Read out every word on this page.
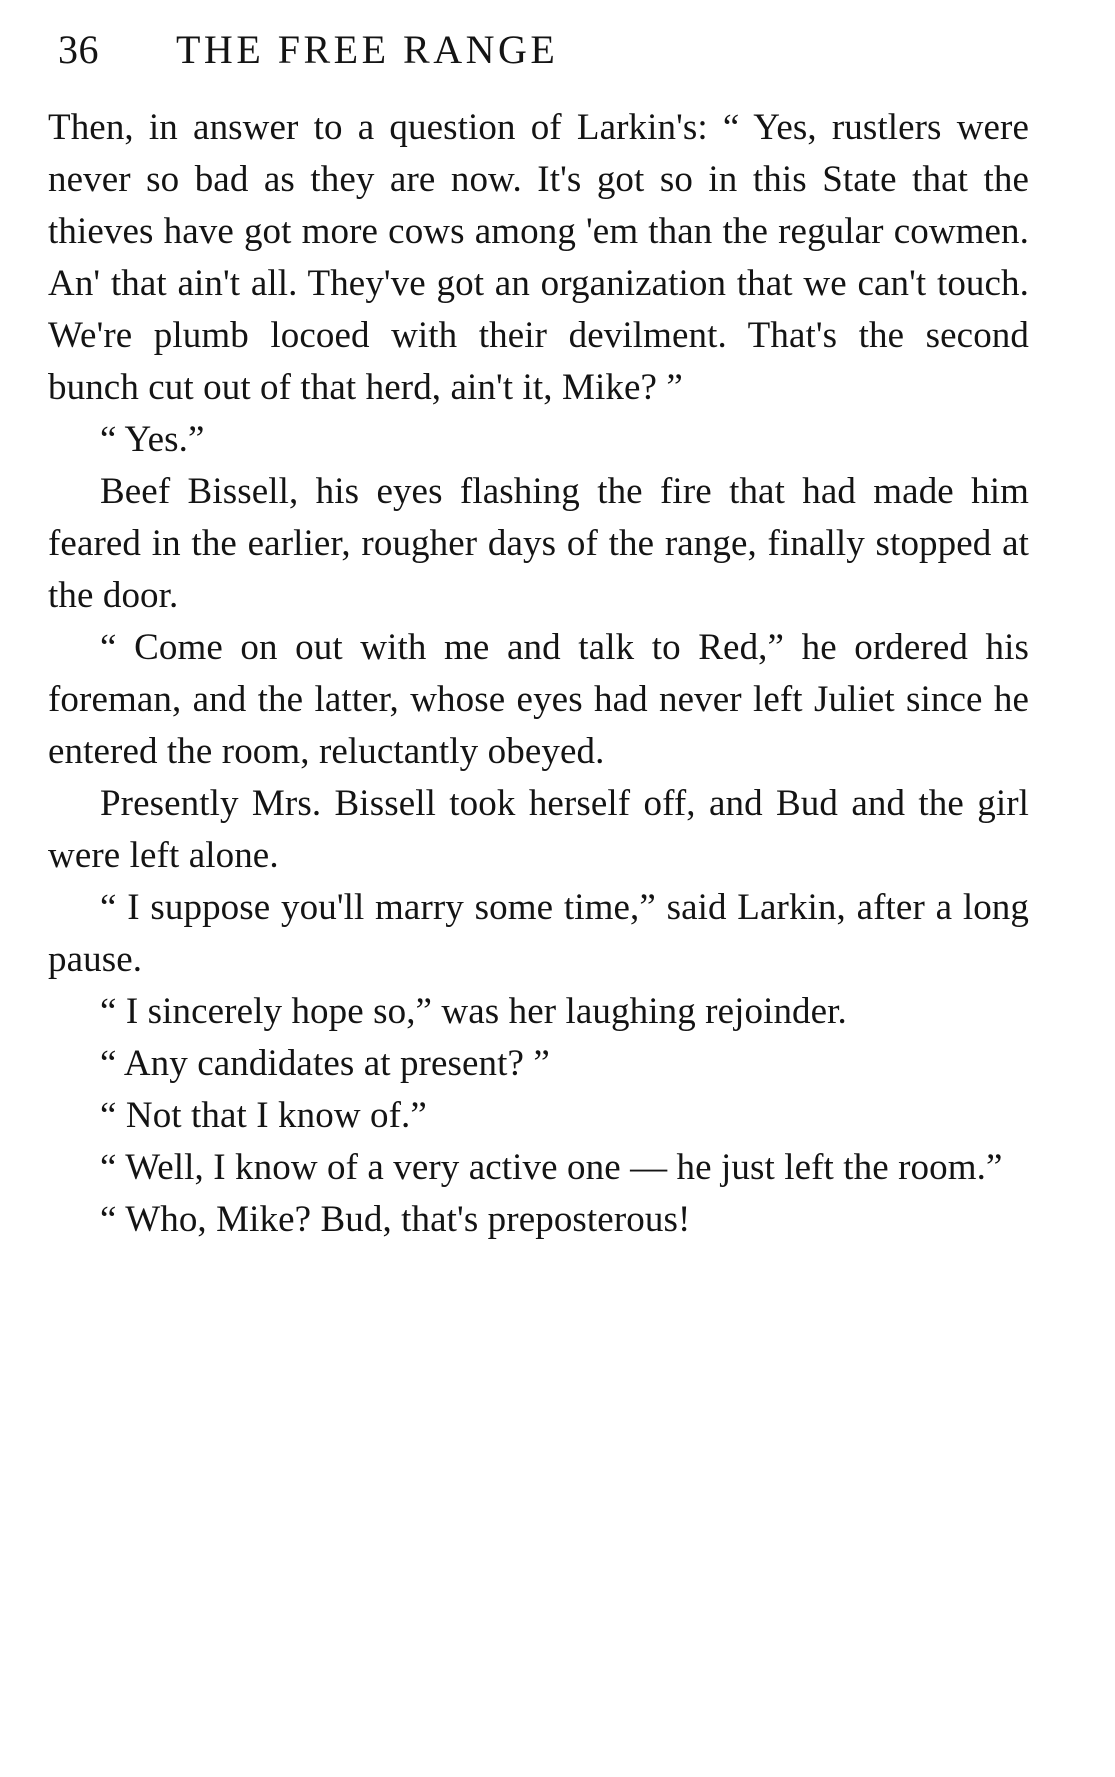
36	THE FREE RANGE

Then, in answer to a question of Larkin's: “ Yes, rustlers were never so bad as they are now. It's got so in this State that the thieves have got more cows among 'em than the regular cowmen. An' that ain't all. They've got an organization that we can't touch. We're plumb locoed with their devilment. That's the second bunch cut out of that herd, ain't it, Mike? ”

“ Yes.”

Beef Bissell, his eyes flashing the fire that had made him feared in the earlier, rougher days of the range, finally stopped at the door.

“ Come on out with me and talk to Red,” he ordered his foreman, and the latter, whose eyes had never left Juliet since he entered the room, reluctantly obeyed.

Presently Mrs. Bissell took herself off, and Bud and the girl were left alone.

“ I suppose you'll marry some time,” said Larkin, after a long pause.

“ I sincerely hope so,” was her laughing rejoinder.

“ Any candidates at present? ”

“ Not that I know of.”

“ Well, I know of a very active one — he just left the room.”

“ Who, Mike? Bud, that's preposterous!
